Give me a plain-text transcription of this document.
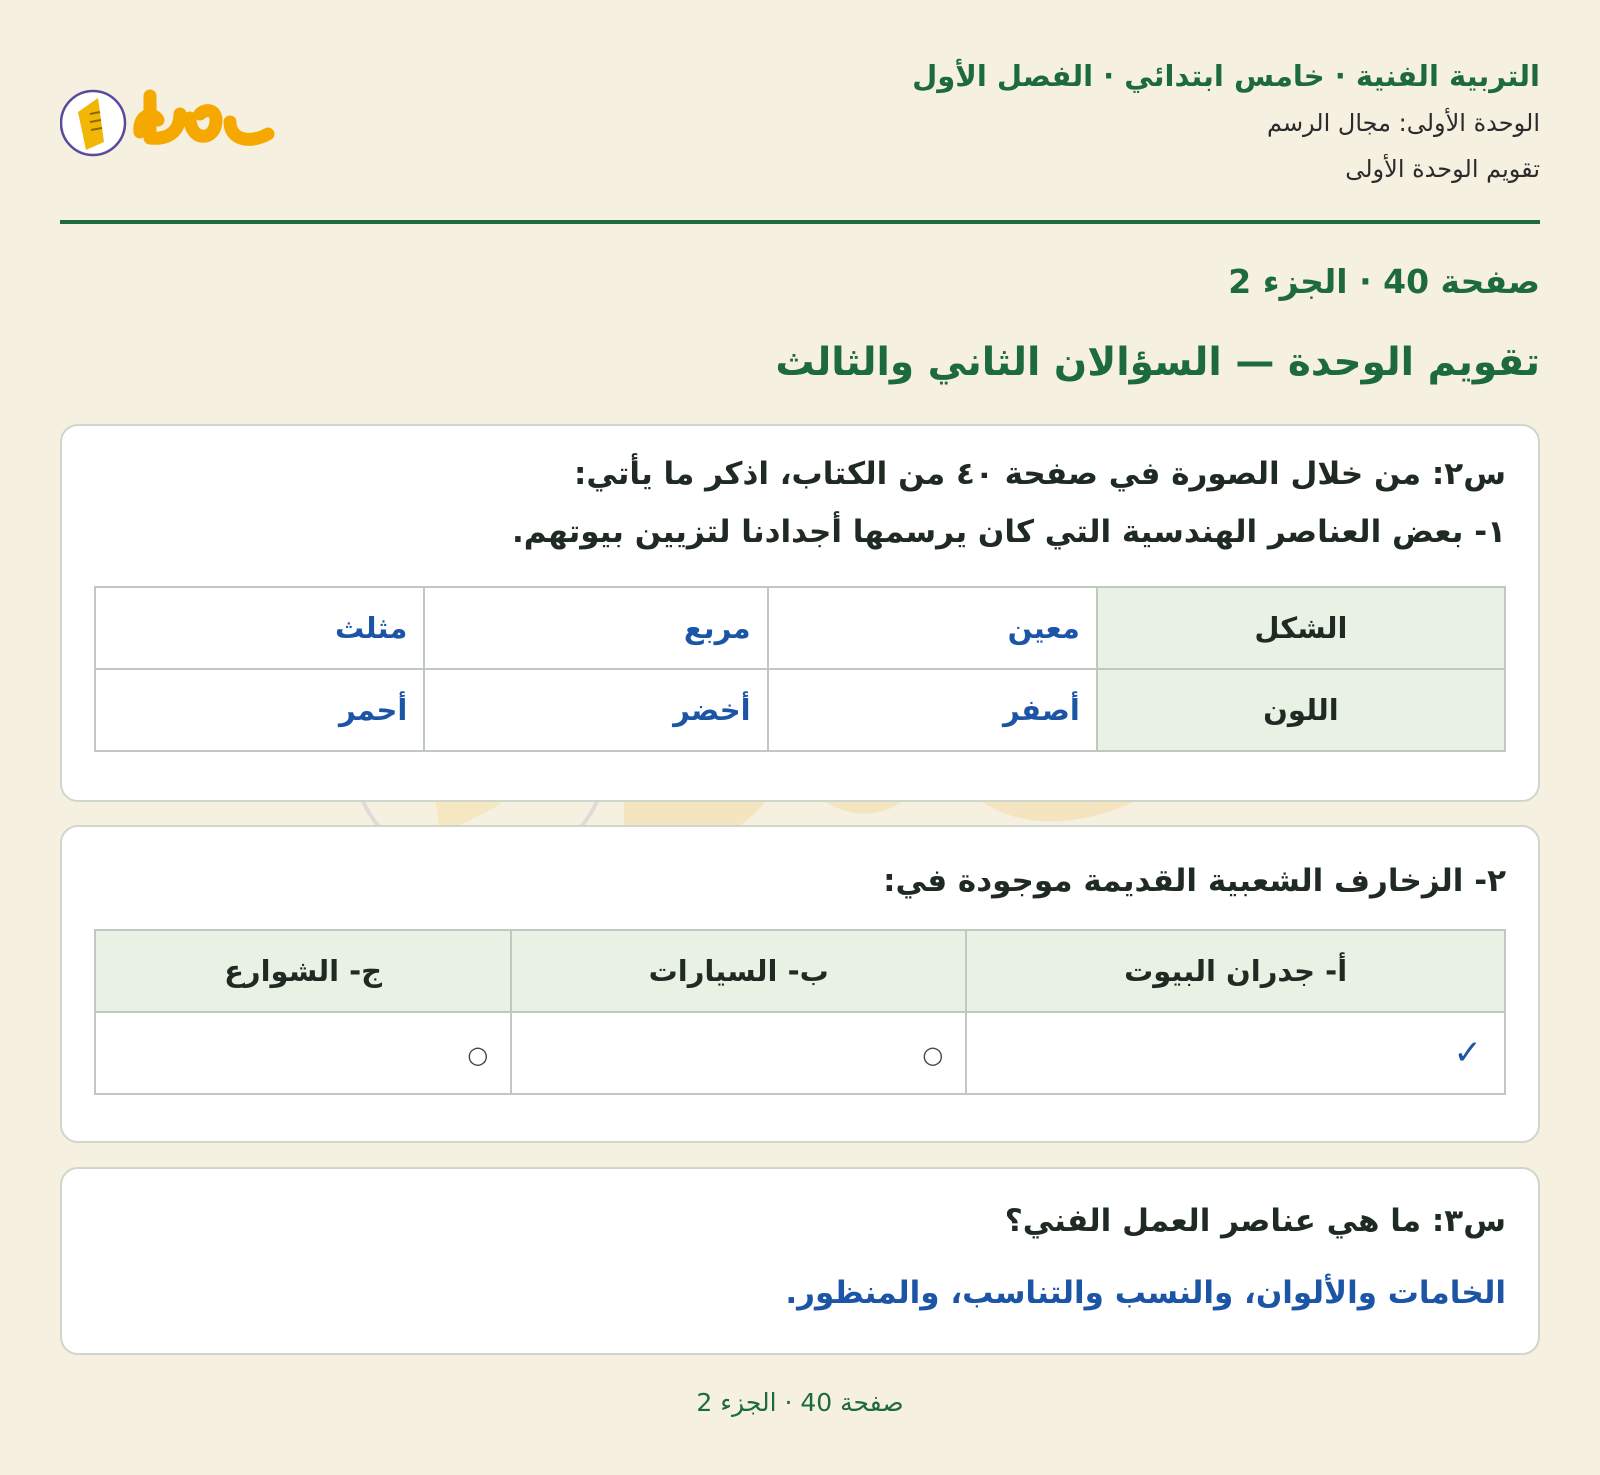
التربية الفنية · خامس ابتدائي · الفصل الأول
الوحدة الأولى: مجال الرسم
تقويم الوحدة الأولى
صفحة 40 · الجزء 2
تقويم الوحدة — السؤالان الثاني والثالث
س٢: من خلال الصورة في صفحة ٤٠ من الكتاب، اذكر ما يأتي:
١- بعض العناصر الهندسية التي كان يرسمها أجدادنا لتزيين بيوتهم.
الشكل	معين	مربع	مثلث
اللون	أصفر	أخضر	أحمر
٢- الزخارف الشعبية القديمة موجودة في:
أ- جدران البيوت	ب- السيارات	ج- الشوارع
✓	○	○
س٣: ما هي عناصر العمل الفني؟
الخامات والألوان، والنسب والتناسب، والمنظور.
صفحة 40 · الجزء 2
